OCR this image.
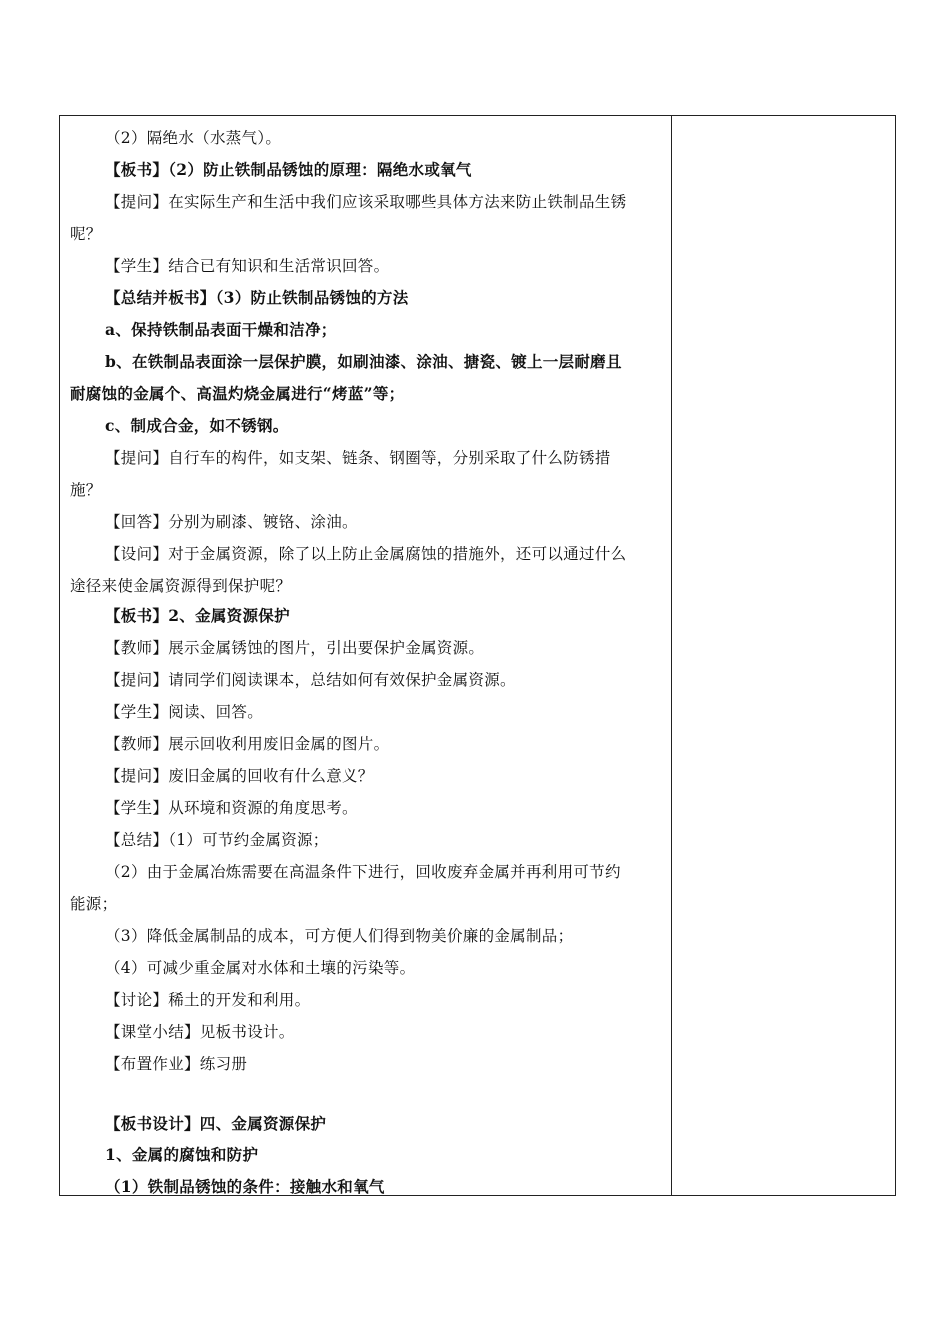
（2）隔绝水（水蒸气）。
【板书】（2）防止铁制品锈蚀的原理：隔绝水或氧气
【提问】在实际生产和生活中我们应该采取哪些具体方法来防止铁制品生锈
呢？
【学生】结合已有知识和生活常识回答。
【总结并板书】（3）防止铁制品锈蚀的方法
a、保持铁制品表面干燥和洁净；
b、在铁制品表面涂一层保护膜，如刷油漆、涂油、搪瓷、镀上一层耐磨且
耐腐蚀的金属个、高温灼烧金属进行“烤蓝”等；
c、制成合金，如不锈钢。
【提问】自行车的构件，如支架、链条、钢圈等，分别采取了什么防锈措
施？
【回答】分别为刷漆、镀铬、涂油。
【设问】对于金属资源，除了以上防止金属腐蚀的措施外，还可以通过什么
途径来使金属资源得到保护呢？
【板书】2、金属资源保护
【教师】展示金属锈蚀的图片，引出要保护金属资源。
【提问】请同学们阅读课本，总结如何有效保护金属资源。
【学生】阅读、回答。
【教师】展示回收利用废旧金属的图片。
【提问】废旧金属的回收有什么意义？
【学生】从环境和资源的角度思考。
【总结】（1）可节约金属资源；
（2）由于金属冶炼需要在高温条件下进行，回收废弃金属并再利用可节约
能源；
（3）降低金属制品的成本，可方便人们得到物美价廉的金属制品；
（4）可减少重金属对水体和土壤的污染等。
【讨论】稀土的开发和利用。
【课堂小结】见板书设计。
【布置作业】练习册
【板书设计】四、金属资源保护
1、金属的腐蚀和防护
（1）铁制品锈蚀的条件：接触水和氧气
